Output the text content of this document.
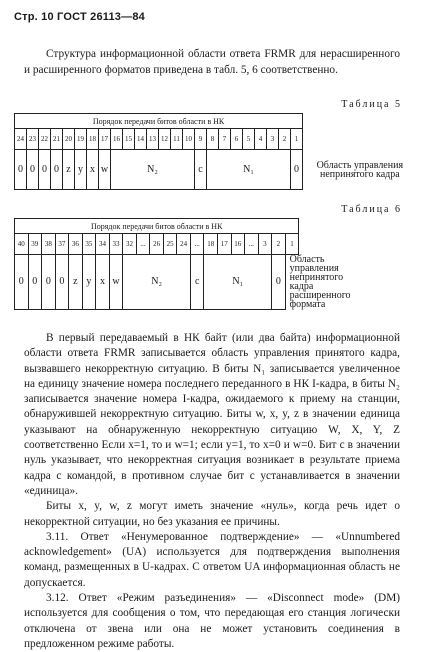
Стр. 10 ГОСТ 26113—84
Структура информационной области ответа FRMR для нерасширенного и расширенного форматов приведена в табл. 5, 6 соответственно.
Таблица 5
Порядок передачи битов области в НК																								
24	23	22	21	20	19	18	17	16	15	14	13	12	11	10	9	8	7	6	5	4	3	2	1	
0	0	0	0	z	y	x	w	N₂							c	N₁							0	Область управления непринятого кадра
Таблица 6
Порядок передачи битов области в НК																					
40	39	38	37	36	35	34	33	32	...	26	25	24	...	18	17	16	...	3	2	1	
0	0	0	0	z	y	x	w	N₂					c	N₁					0	Область управления непринятого кадра расширенного формата	

В первый передаваемый в НК байт (или два байта) информационной области ответа FRMR записывается область управления принятого кадра, вызвавшего некорректную ситуацию. В биты N₁ записывается увеличенное на единицу значение номера последнего переданного в НК I-кадра, в биты N₂ записывается значение номера I-кадра, ожидаемого к приему на станции, обнаружившей некорректную ситуацию. Биты w, x, y, z в значении единица указывают на обнаруженную некорректную ситуацию W, X, Y, Z соответственно Если x=1, то и w=1; если y=1, то x=0 и w=0. Бит с в значении нуль указывает, что некорректная ситуация возникает в результате приема кадра с командой, в противном случае бит с устанавливается в значении «единица».

Биты x, y, w, z могут иметь значение «нуль», когда речь идет о некорректной ситуации, но без указания ее причины.

3.11. Ответ «Ненумерованное подтверждение» — «Unnumbered acknowledgement» (UA) используется для подтверждения выполнения команд, размещенных в U-кадрах. С ответом UA информационная область не допускается.

3.12. Ответ «Режим разъединения» — «Disconnect mode» (DM) используется для сообщения о том, что передающая его станция логически отключена от звена или она не может установить соединения в предложенном режиме работы.
